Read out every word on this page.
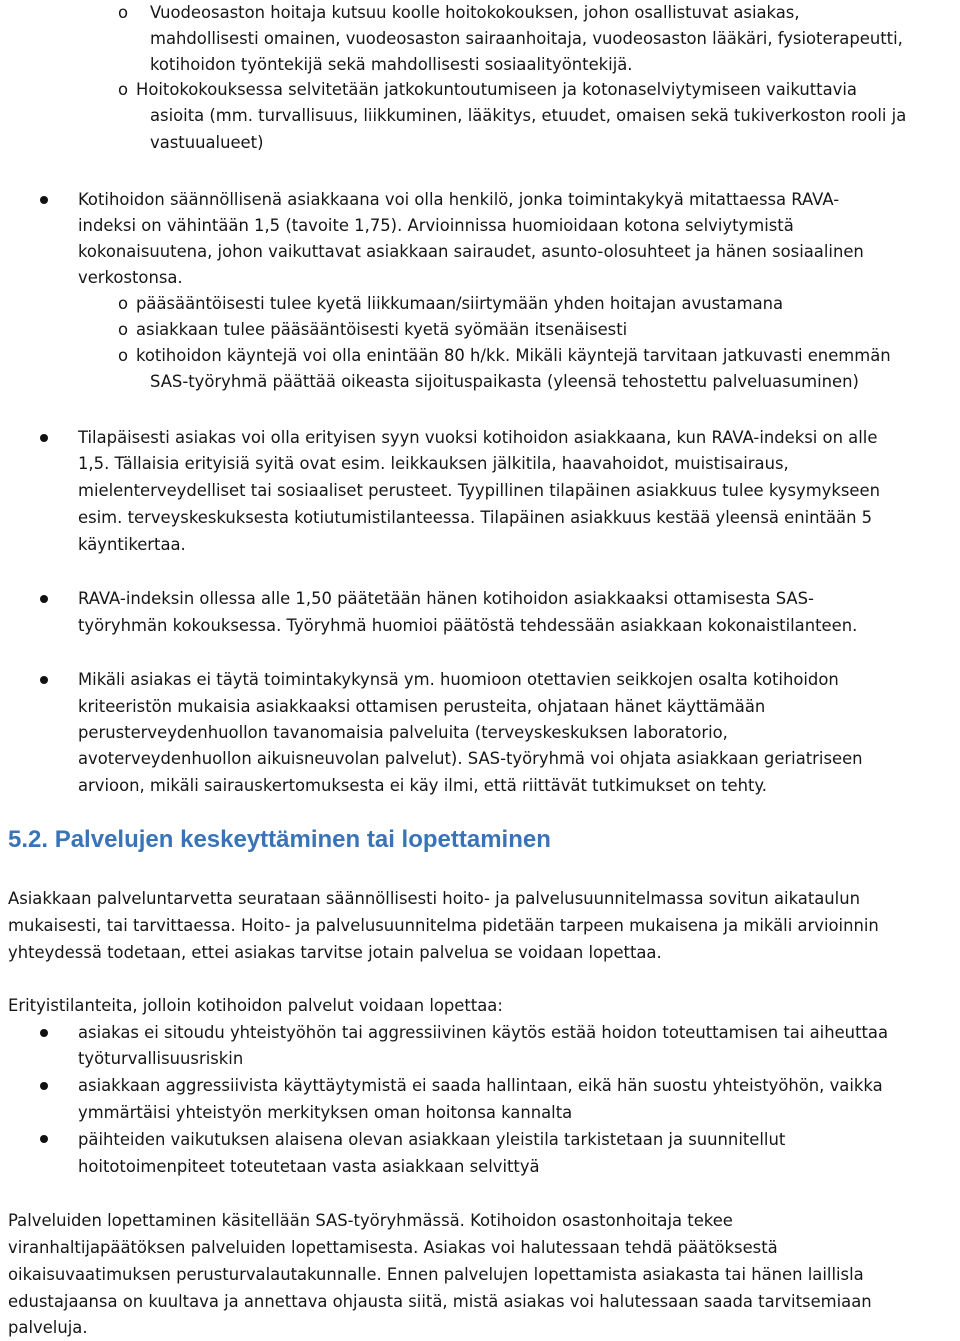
o Vuodeosaston hoitaja kutsuu koolle hoitokokouksen, johon osallistuvat asiakas,
mahdollisesti omainen, vuodeosaston sairaanhoitaja, vuodeosaston lääkäri, fysioterapeutti,
kotihoidon työntekijä sekä mahdollisesti sosiaalityöntekijä.
o Hoitokokouksessa selvitetään jatkokuntoutumiseen ja kotonaselviytymiseen vaikuttavia
asioita (mm. turvallisuus, liikkuminen, lääkitys, etuudet, omaisen sekä tukiverkoston rooli ja
vastuualueet)
Kotihoidon säännöllisenä asiakkaana voi olla henkilö, jonka toimintakykyä mitattaessa RAVA-
indeksi on vähintään 1,5 (tavoite 1,75). Arvioinnissa huomioidaan kotona selviytymistä
kokonaisuutena, johon vaikuttavat asiakkaan sairaudet, asunto-olosuhteet ja hänen sosiaalinen
verkostonsa.
o pääsääntöisesti tulee kyetä liikkumaan/siirtymään yhden hoitajan avustamana
o asiakkaan tulee pääsääntöisesti kyetä syömään itsenäisesti
o kotihoidon käyntejä voi olla enintään 80 h/kk. Mikäli käyntejä tarvitaan jatkuvasti enemmän
SAS-työryhmä päättää oikeasta sijoituspaikasta (yleensä tehostettu palveluasuminen)
Tilapäisesti asiakas voi olla erityisen syyn vuoksi kotihoidon asiakkaana, kun RAVA-indeksi on alle
1,5. Tällaisia erityisiä syitä ovat esim. leikkauksen jälkitila, haavahoidot, muistisairaus,
mielenterveydelliset tai sosiaaliset perusteet. Tyypillinen tilapäinen asiakkuus tulee kysymykseen
esim. terveyskeskuksesta kotiutumistilanteessa. Tilapäinen asiakkuus kestää yleensä enintään 5
käyntikertaa.
RAVA-indeksin ollessa alle 1,50 päätetään hänen kotihoidon asiakkaaksi ottamisesta SAS-
työryhmän kokouksessa. Työryhmä huomioi päätöstä tehdessään asiakkaan kokonaistilanteen.
Mikäli asiakas ei täytä toimintakykynsä ym. huomioon otettavien seikkojen osalta kotihoidon
kriteeristön mukaisia asiakkaaksi ottamisen perusteita, ohjataan hänet käyttämään
perusterveydenhuollon tavanomaisia palveluita (terveyskeskuksen laboratorio,
avoterveydenhuollon aikuisneuvolan palvelut). SAS-työryhmä voi ohjata asiakkaan geriatriseen
arvioon, mikäli sairauskertomuksesta ei käy ilmi, että riittävät tutkimukset on tehty.
5.2. Palvelujen keskeyttäminen tai lopettaminen
Asiakkaan palveluntarvetta seurataan säännöllisesti hoito- ja palvelusuunnitelmassa sovitun aikataulun
mukaisesti, tai tarvittaessa. Hoito- ja palvelusuunnitelma pidetään tarpeen mukaisena ja mikäli arvioinnin
yhteydessä todetaan, ettei asiakas tarvitse jotain palvelua se voidaan lopettaa.
Erityistilanteita, jolloin kotihoidon palvelut voidaan lopettaa:
asiakas ei sitoudu yhteistyöhön tai aggressiivinen käytös estää hoidon toteuttamisen tai aiheuttaa
työturvallisuusriskin
asiakkaan aggressiivista käyttäytymistä ei saada hallintaan, eikä hän suostu yhteistyöhön, vaikka
ymmärtäisi yhteistyön merkityksen oman hoitonsa kannalta
päihteiden vaikutuksen alaisena olevan asiakkaan yleistila tarkistetaan ja suunnitellut
hoitotoimenpiteet toteutetaan vasta asiakkaan selvittyä
Palveluiden lopettaminen käsitellään SAS-työryhmässä. Kotihoidon osastonhoitaja tekee
viranhaltijapäätöksen palveluiden lopettamisesta. Asiakas voi halutessaan tehdä päätöksestä
oikaisuvaatimuksen perusturvalautakunnalle. Ennen palvelujen lopettamista asiakasta tai hänen laillisla
edustajaansa on kuultava ja annettava ohjausta siitä, mistä asiakas voi halutessaan saada tarvitsemiaan
palveluja.
